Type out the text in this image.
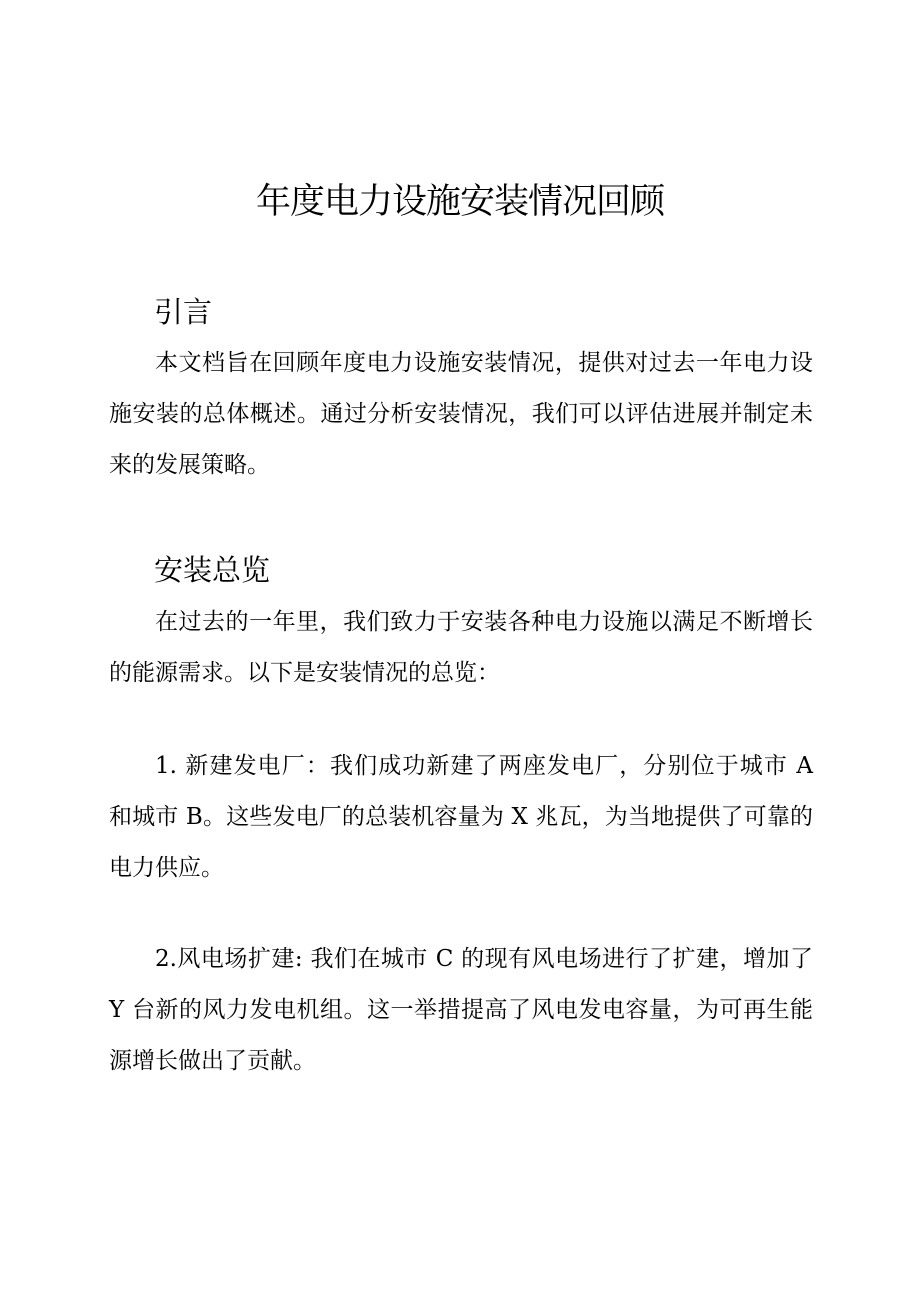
年度电力设施安装情况回顾
引言

本文档旨在回顾年度电力设施安装情况，提供对过去一年电力设施安装的总体概述。通过分析安装情况，我们可以评估进展并制定未来的发展策略。

安装总览

在过去的一年里，我们致力于安装各种电力设施以满足不断增长的能源需求。以下是安装情况的总览：

1. 新建发电厂：我们成功新建了两座发电厂，分别位于城市 A 和城市 B。这些发电厂的总装机容量为 X 兆瓦，为当地提供了可靠的电力供应。

2.风电场扩建: 我们在城市 C 的现有风电场进行了扩建，增加了 Y 台新的风力发电机组。这一举措提高了风电发电容量，为可再生能源增长做出了贡献。
